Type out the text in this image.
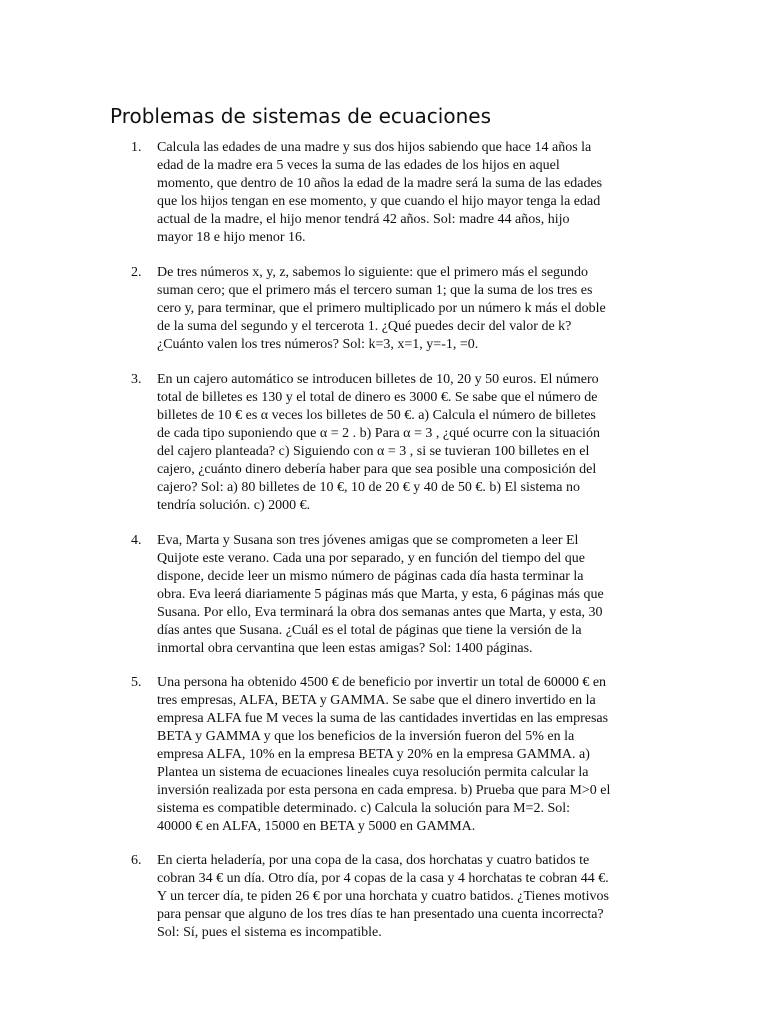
Problemas de sistemas de ecuaciones
1. Calcula las edades de una madre y sus dos hijos sabiendo que hace 14 años la
edad de la madre era 5 veces la suma de las edades de los hijos en aquel
momento, que dentro de 10 años la edad de la madre será la suma de las edades
que los hijos tengan en ese momento, y que cuando el hijo mayor tenga la edad
actual de la madre, el hijo menor tendrá 42 años. Sol: madre 44 años, hijo
mayor 18 e hijo menor 16.
2. De tres números x, y, z, sabemos lo siguiente: que el primero más el segundo
suman cero; que el primero más el tercero suman 1; que la suma de los tres es
cero y, para terminar, que el primero multiplicado por un número k más el doble
de la suma del segundo y el tercerota 1. ¿Qué puedes decir del valor de k?
¿Cuánto valen los tres números? Sol: k=3, x=1, y=-1, =0.
3. En un cajero automático se introducen billetes de 10, 20 y 50 euros. El número
total de billetes es 130 y el total de dinero es 3000 €. Se sabe que el número de
billetes de 10 € es α veces los billetes de 50 €. a) Calcula el número de billetes
de cada tipo suponiendo que α = 2 . b) Para α = 3 , ¿qué ocurre con la situación
del cajero planteada? c) Siguiendo con α = 3 , si se tuvieran 100 billetes en el
cajero, ¿cuánto dinero debería haber para que sea posible una composición del
cajero? Sol: a) 80 billetes de 10 €, 10 de 20 € y 40 de 50 €. b) El sistema no
tendría solución. c) 2000 €.
4. Eva, Marta y Susana son tres jóvenes amigas que se comprometen a leer El
Quijote este verano. Cada una por separado, y en función del tiempo del que
dispone, decide leer un mismo número de páginas cada día hasta terminar la
obra. Eva leerá diariamente 5 páginas más que Marta, y esta, 6 páginas más que
Susana. Por ello, Eva terminará la obra dos semanas antes que Marta, y esta, 30
días antes que Susana. ¿Cuál es el total de páginas que tiene la versión de la
inmortal obra cervantina que leen estas amigas? Sol: 1400 páginas.
5. Una persona ha obtenido 4500 € de beneficio por invertir un total de 60000 € en
tres empresas, ALFA, BETA y GAMMA. Se sabe que el dinero invertido en la
empresa ALFA fue M veces la suma de las cantidades invertidas en las empresas
BETA y GAMMA y que los beneficios de la inversión fueron del 5% en la
empresa ALFA, 10% en la empresa BETA y 20% en la empresa GAMMA. a)
Plantea un sistema de ecuaciones lineales cuya resolución permita calcular la
inversión realizada por esta persona en cada empresa. b) Prueba que para M>0 el
sistema es compatible determinado. c) Calcula la solución para M=2. Sol:
40000 € en ALFA, 15000 en BETA y 5000 en GAMMA.
6. En cierta heladería, por una copa de la casa, dos horchatas y cuatro batidos te
cobran 34 € un día. Otro día, por 4 copas de la casa y 4 horchatas te cobran 44 €.
Y un tercer día, te piden 26 € por una horchata y cuatro batidos. ¿Tienes motivos
para pensar que alguno de los tres días te han presentado una cuenta incorrecta?
Sol: Sí, pues el sistema es incompatible.
